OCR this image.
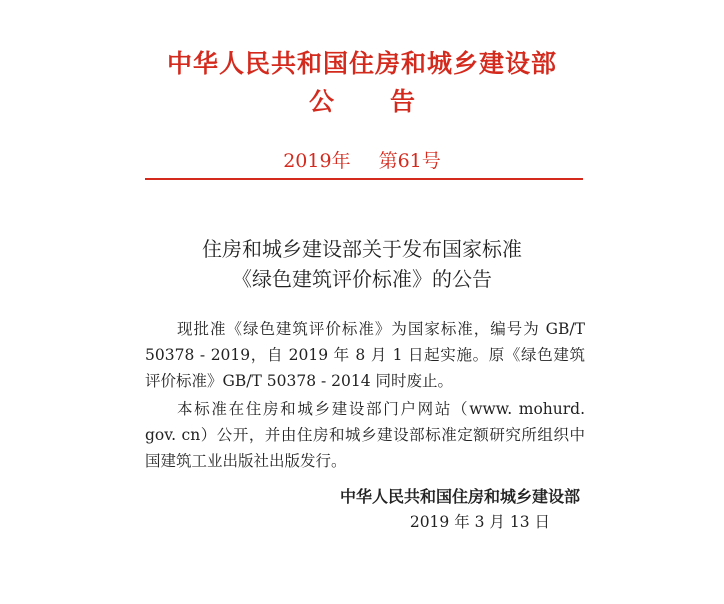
中华人民共和国住房和城乡建设部
公 告
2019年 第61号
住房和城乡建设部关于发布国家标准
《绿色建筑评价标准》的公告
现批准《绿色建筑评价标准》为国家标准，编号为 GB/T 50378 - 2019，自 2019 年 8 月 1 日起实施。原《绿色建筑评价标准》GB/T 50378 - 2014 同时废止。
本标准在住房和城乡建设部门户网站（www. mohurd. gov. cn）公开，并由住房和城乡建设部标准定额研究所组织中国建筑工业出版社出版发行。
中华人民共和国住房和城乡建设部
2019 年 3 月 13 日
